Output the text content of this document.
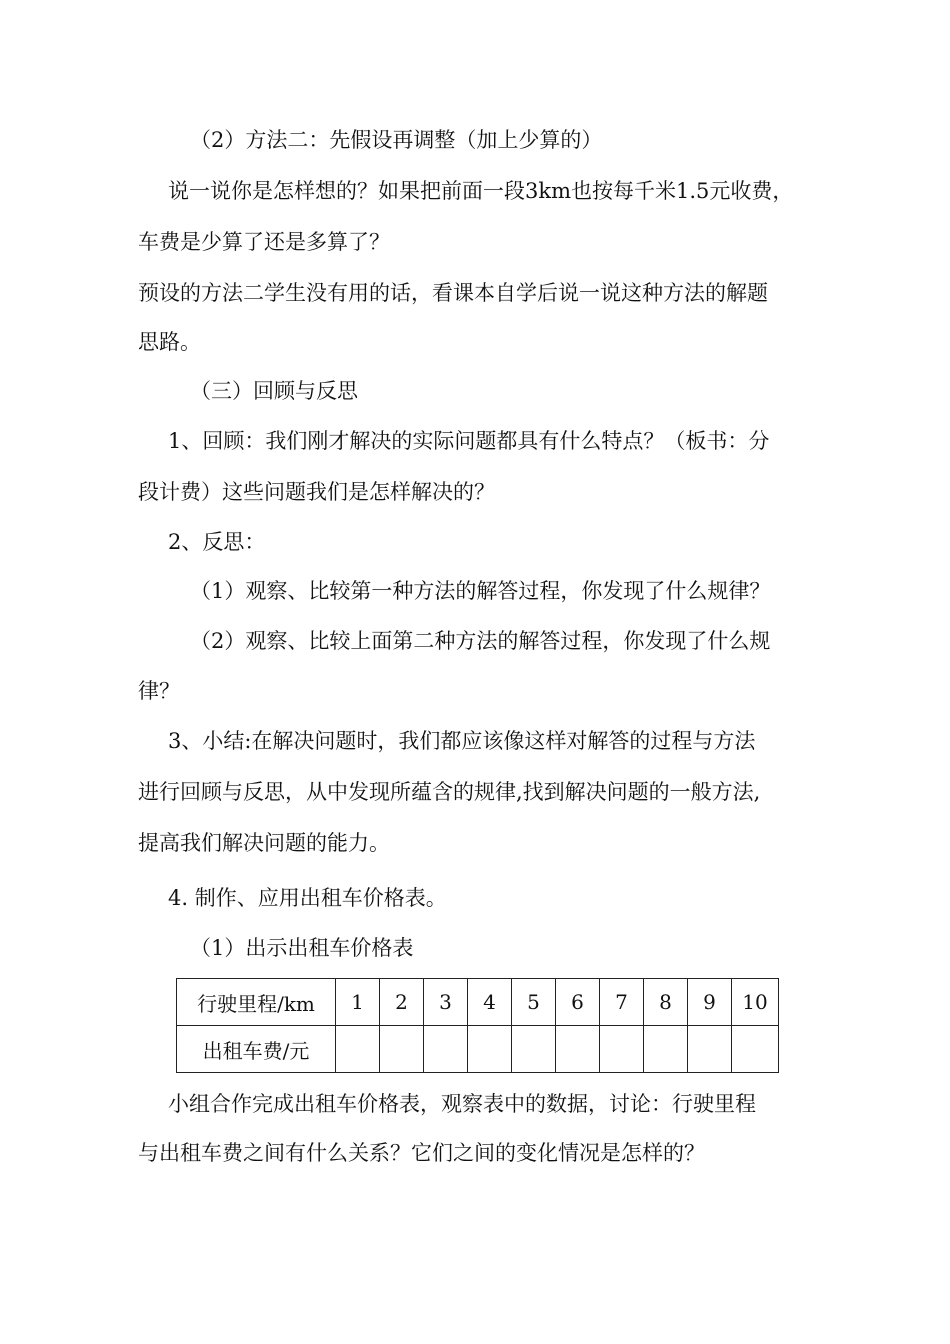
（2）方法二：先假设再调整（加上少算的）
说一说你是怎样想的？如果把前面一段3km也按每千米1.5元收费，
车费是少算了还是多算了？
预设的方法二学生没有用的话，看课本自学后说一说这种方法的解题
思路。
（三）回顾与反思
1、回顾：我们刚才解决的实际问题都具有什么特点？（板书：分
段计费）这些问题我们是怎样解决的？
2、反思：
（1）观察、比较第一种方法的解答过程，你发现了什么规律？
（2）观察、比较上面第二种方法的解答过程，你发现了什么规
律？
3、小结:在解决问题时，我们都应该像这样对解答的过程与方法
进行回顾与反思，从中发现所蕴含的规律,找到解决问题的一般方法,
提高我们解决问题的能力。
4. 制作、应用出租车价格表。
（1）出示出租车价格表
行驶里程/km	1	2	3	4	5	6	7	8	9	10
出租车费/元										
小组合作完成出租车价格表，观察表中的数据，讨论：行驶里程
与出租车费之间有什么关系？它们之间的变化情况是怎样的？
